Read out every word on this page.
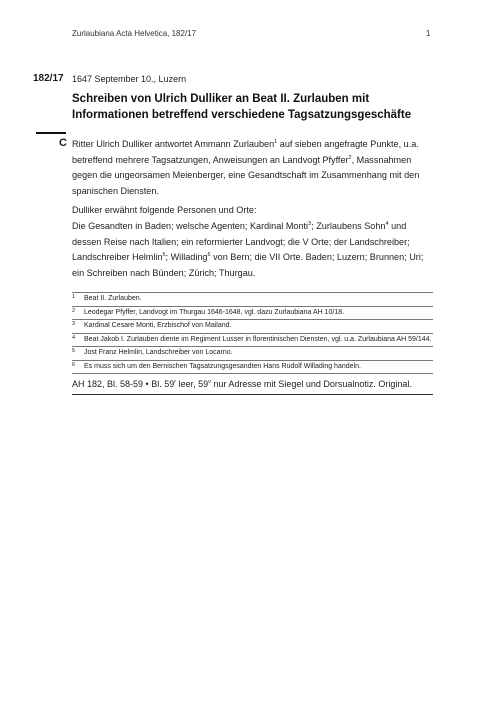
Zurlaubiana Acta Helvetica, 182/17	1
182/17 1647 September 10., Luzern
Schreiben von Ulrich Dulliker an Beat II. Zurlauben mit Informationen betreffend verschiedene Tagsatzungsgeschäfte
C Ritter Ulrich Dulliker antwortet Ammann Zurlauben$^1$ auf sieben angefragte Punkte, u.a. betreffend mehrere Tagsatzungen, Anweisungen an Landvogt Pfyffer$^2$, Massnahmen gegen die ungeorsamen Meienberger, eine Gesandtschaft im Zusammenhang mit den spanischen Diensten.

Dulliker erwähnt folgende Personen und Orte:
Die Gesandten in Baden; welsche Agenten; Kardinal Monti$^3$; Zurlaubens Sohn$^4$ und dessen Reise nach Italien; ein reformierter Landvogt; die V Orte; der Landschreiber; Landschreiber Helmlin$^5$; Willading$^6$ von Bern; die VII Orte. Baden; Luzern; Brunnen; Uri; ein Schreiben nach Bünden; Zürich; Thurgau.

1 Beat II. Zurlauben.
2 Leodegar Pfyffer, Landvogt im Thurgau 1646-1648, vgl. dazu Zurlaubiana AH 10/18.
3 Kardinal Cesare Monti, Erzbischof von Mailand.
4 Beat Jakob I. Zurlauben diente im Regiment Lusser in florentinischen Diensten, vgl. u.a. Zurlaubiana AH 59/144.
5 Jost Franz Helmlin, Landschreiber von Locarno.
6 Es muss sich um den Bernischen Tagsatzungsgesandten Hans Rudolf Willading handeln.
AH 182, Bl. 58-59 • Bl. 59$^r$ leer, 59$^v$ nur Adresse mit Siegel und Dorsualnotiz. Original.
